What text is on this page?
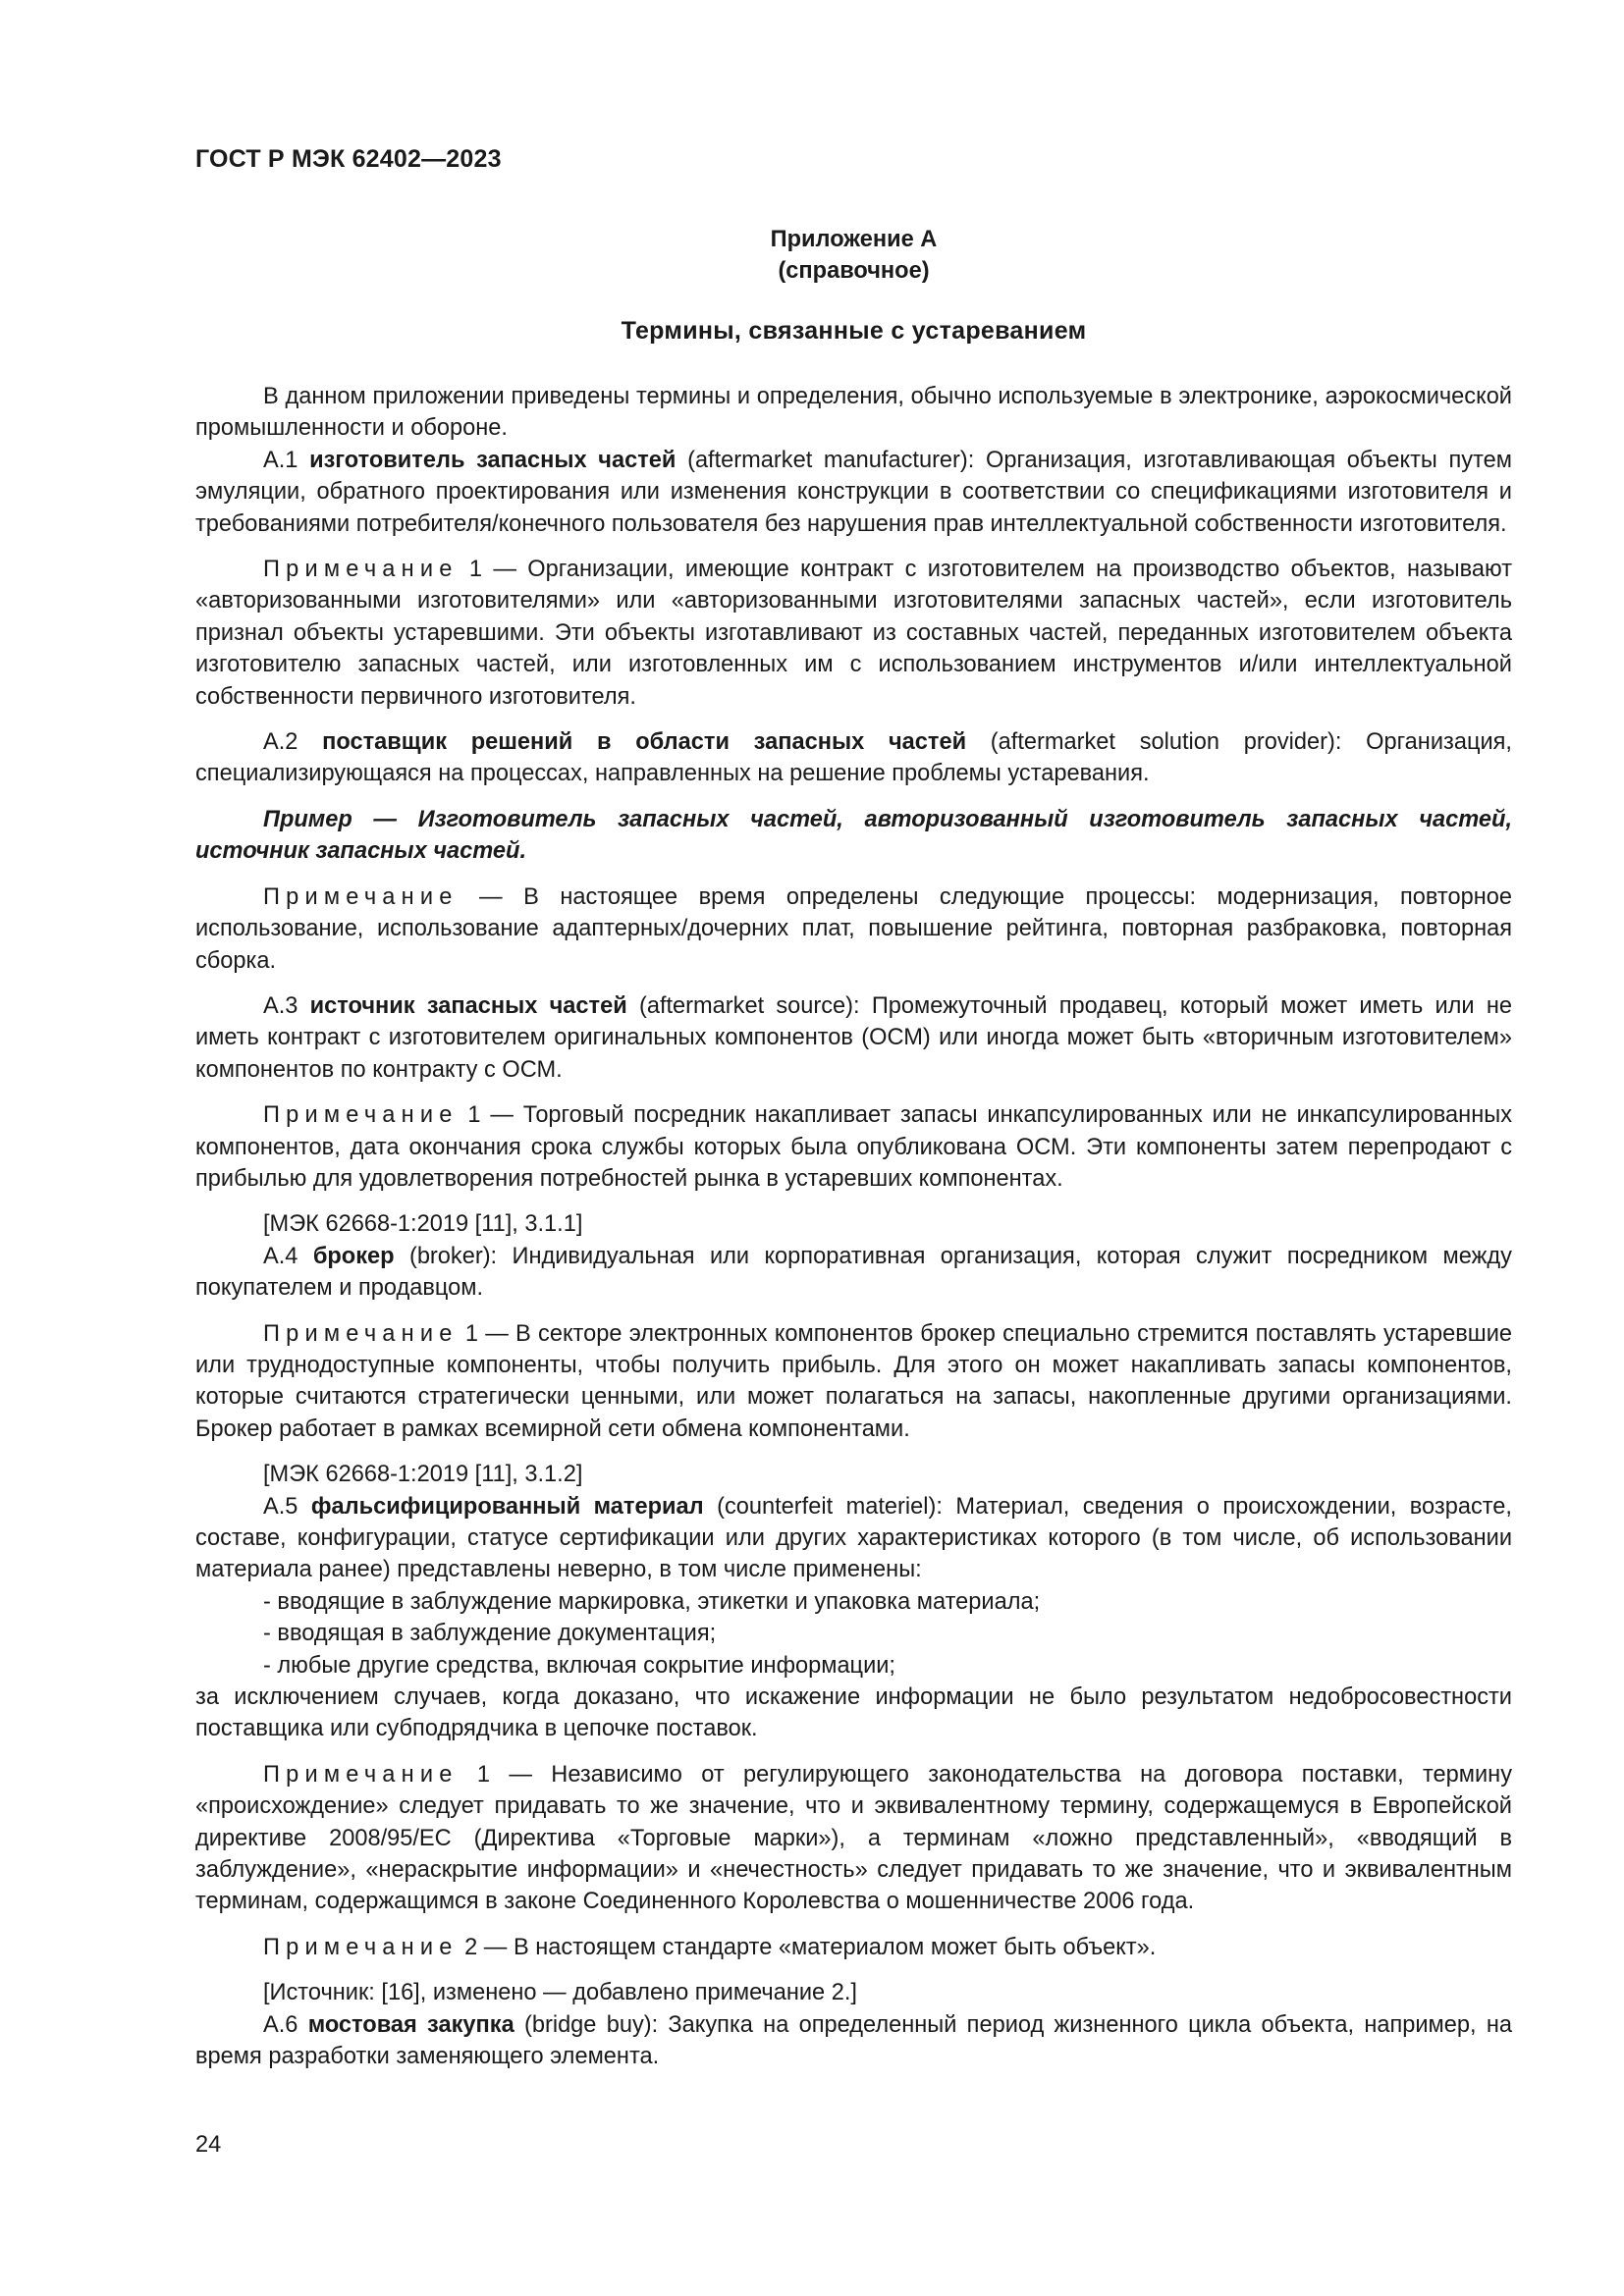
ГОСТ Р МЭК 62402—2023
Приложение А
(справочное)
Термины, связанные с устареванием

В данном приложении приведены термины и определения, обычно используемые в электронике, аэрокосмической промышленности и обороне.

А.1 изготовитель запасных частей (aftermarket manufacturer): Организация, изготавливающая объекты путем эмуляции, обратного проектирования или изменения конструкции в соответствии со спецификациями изготовителя и требованиями потребителя/конечного пользователя без нарушения прав интеллектуальной собственности изготовителя.

Примечание 1 — Организации, имеющие контракт с изготовителем на производство объектов, называют «авторизованными изготовителями» или «авторизованными изготовителями запасных частей», если изготовитель признал объекты устаревшими. Эти объекты изготавливают из составных частей, переданных изготовителем объекта изготовителю запасных частей, или изготовленных им с использованием инструментов и/или интеллектуальной собственности первичного изготовителя.

А.2 поставщик решений в области запасных частей (aftermarket solution provider): Организация, специализирующаяся на процессах, направленных на решение проблемы устаревания.

Пример — Изготовитель запасных частей, авторизованный изготовитель запасных частей, источник запасных частей.

Примечание — В настоящее время определены следующие процессы: модернизация, повторное использование, использование адаптерных/дочерних плат, повышение рейтинга, повторная разбраковка, повторная сборка.

А.3 источник запасных частей (aftermarket source): Промежуточный продавец, который может иметь или не иметь контракт с изготовителем оригинальных компонентов (ОСМ) или иногда может быть «вторичным изготовителем» компонентов по контракту с ОСМ.

Примечание 1 — Торговый посредник накапливает запасы инкапсулированных или не инкапсулированных компонентов, дата окончания срока службы которых была опубликована ОСМ. Эти компоненты затем перепродают с прибылью для удовлетворения потребностей рынка в устаревших компонентах.

[МЭК 62668-1:2019 [11], 3.1.1]

А.4 брокер (broker): Индивидуальная или корпоративная организация, которая служит посредником между покупателем и продавцом.

Примечание 1 — В секторе электронных компонентов брокер специально стремится поставлять устаревшие или труднодоступные компоненты, чтобы получить прибыль. Для этого он может накапливать запасы компонентов, которые считаются стратегически ценными, или может полагаться на запасы, накопленные другими организациями. Брокер работает в рамках всемирной сети обмена компонентами.

[МЭК 62668-1:2019 [11], 3.1.2]

А.5 фальсифицированный материал (counterfeit materiel): Материал, сведения о происхождении, возрасте, составе, конфигурации, статусе сертификации или других характеристиках которого (в том числе, об использовании материала ранее) представлены неверно, в том числе применены:

- вводящие в заблуждение маркировка, этикетки и упаковка материала;

- вводящая в заблуждение документация;

- любые другие средства, включая сокрытие информации;

за исключением случаев, когда доказано, что искажение информации не было результатом недобросовестности поставщика или субподрядчика в цепочке поставок.

Примечание 1 — Независимо от регулирующего законодательства на договора поставки, термину «происхождение» следует придавать то же значение, что и эквивалентному термину, содержащемуся в Европейской директиве 2008/95/EC (Директива «Торговые марки»), а терминам «ложно представленный», «вводящий в заблуждение», «нераскрытие информации» и «нечестность» следует придавать то же значение, что и эквивалентным терминам, содержащимся в законе Соединенного Королевства о мошенничестве 2006 года.

Примечание 2 — В настоящем стандарте «материалом может быть объект».

[Источник: [16], изменено — добавлено примечание 2.]

А.6 мостовая закупка (bridge buy): Закупка на определенный период жизненного цикла объекта, например, на время разработки заменяющего элемента.

24
